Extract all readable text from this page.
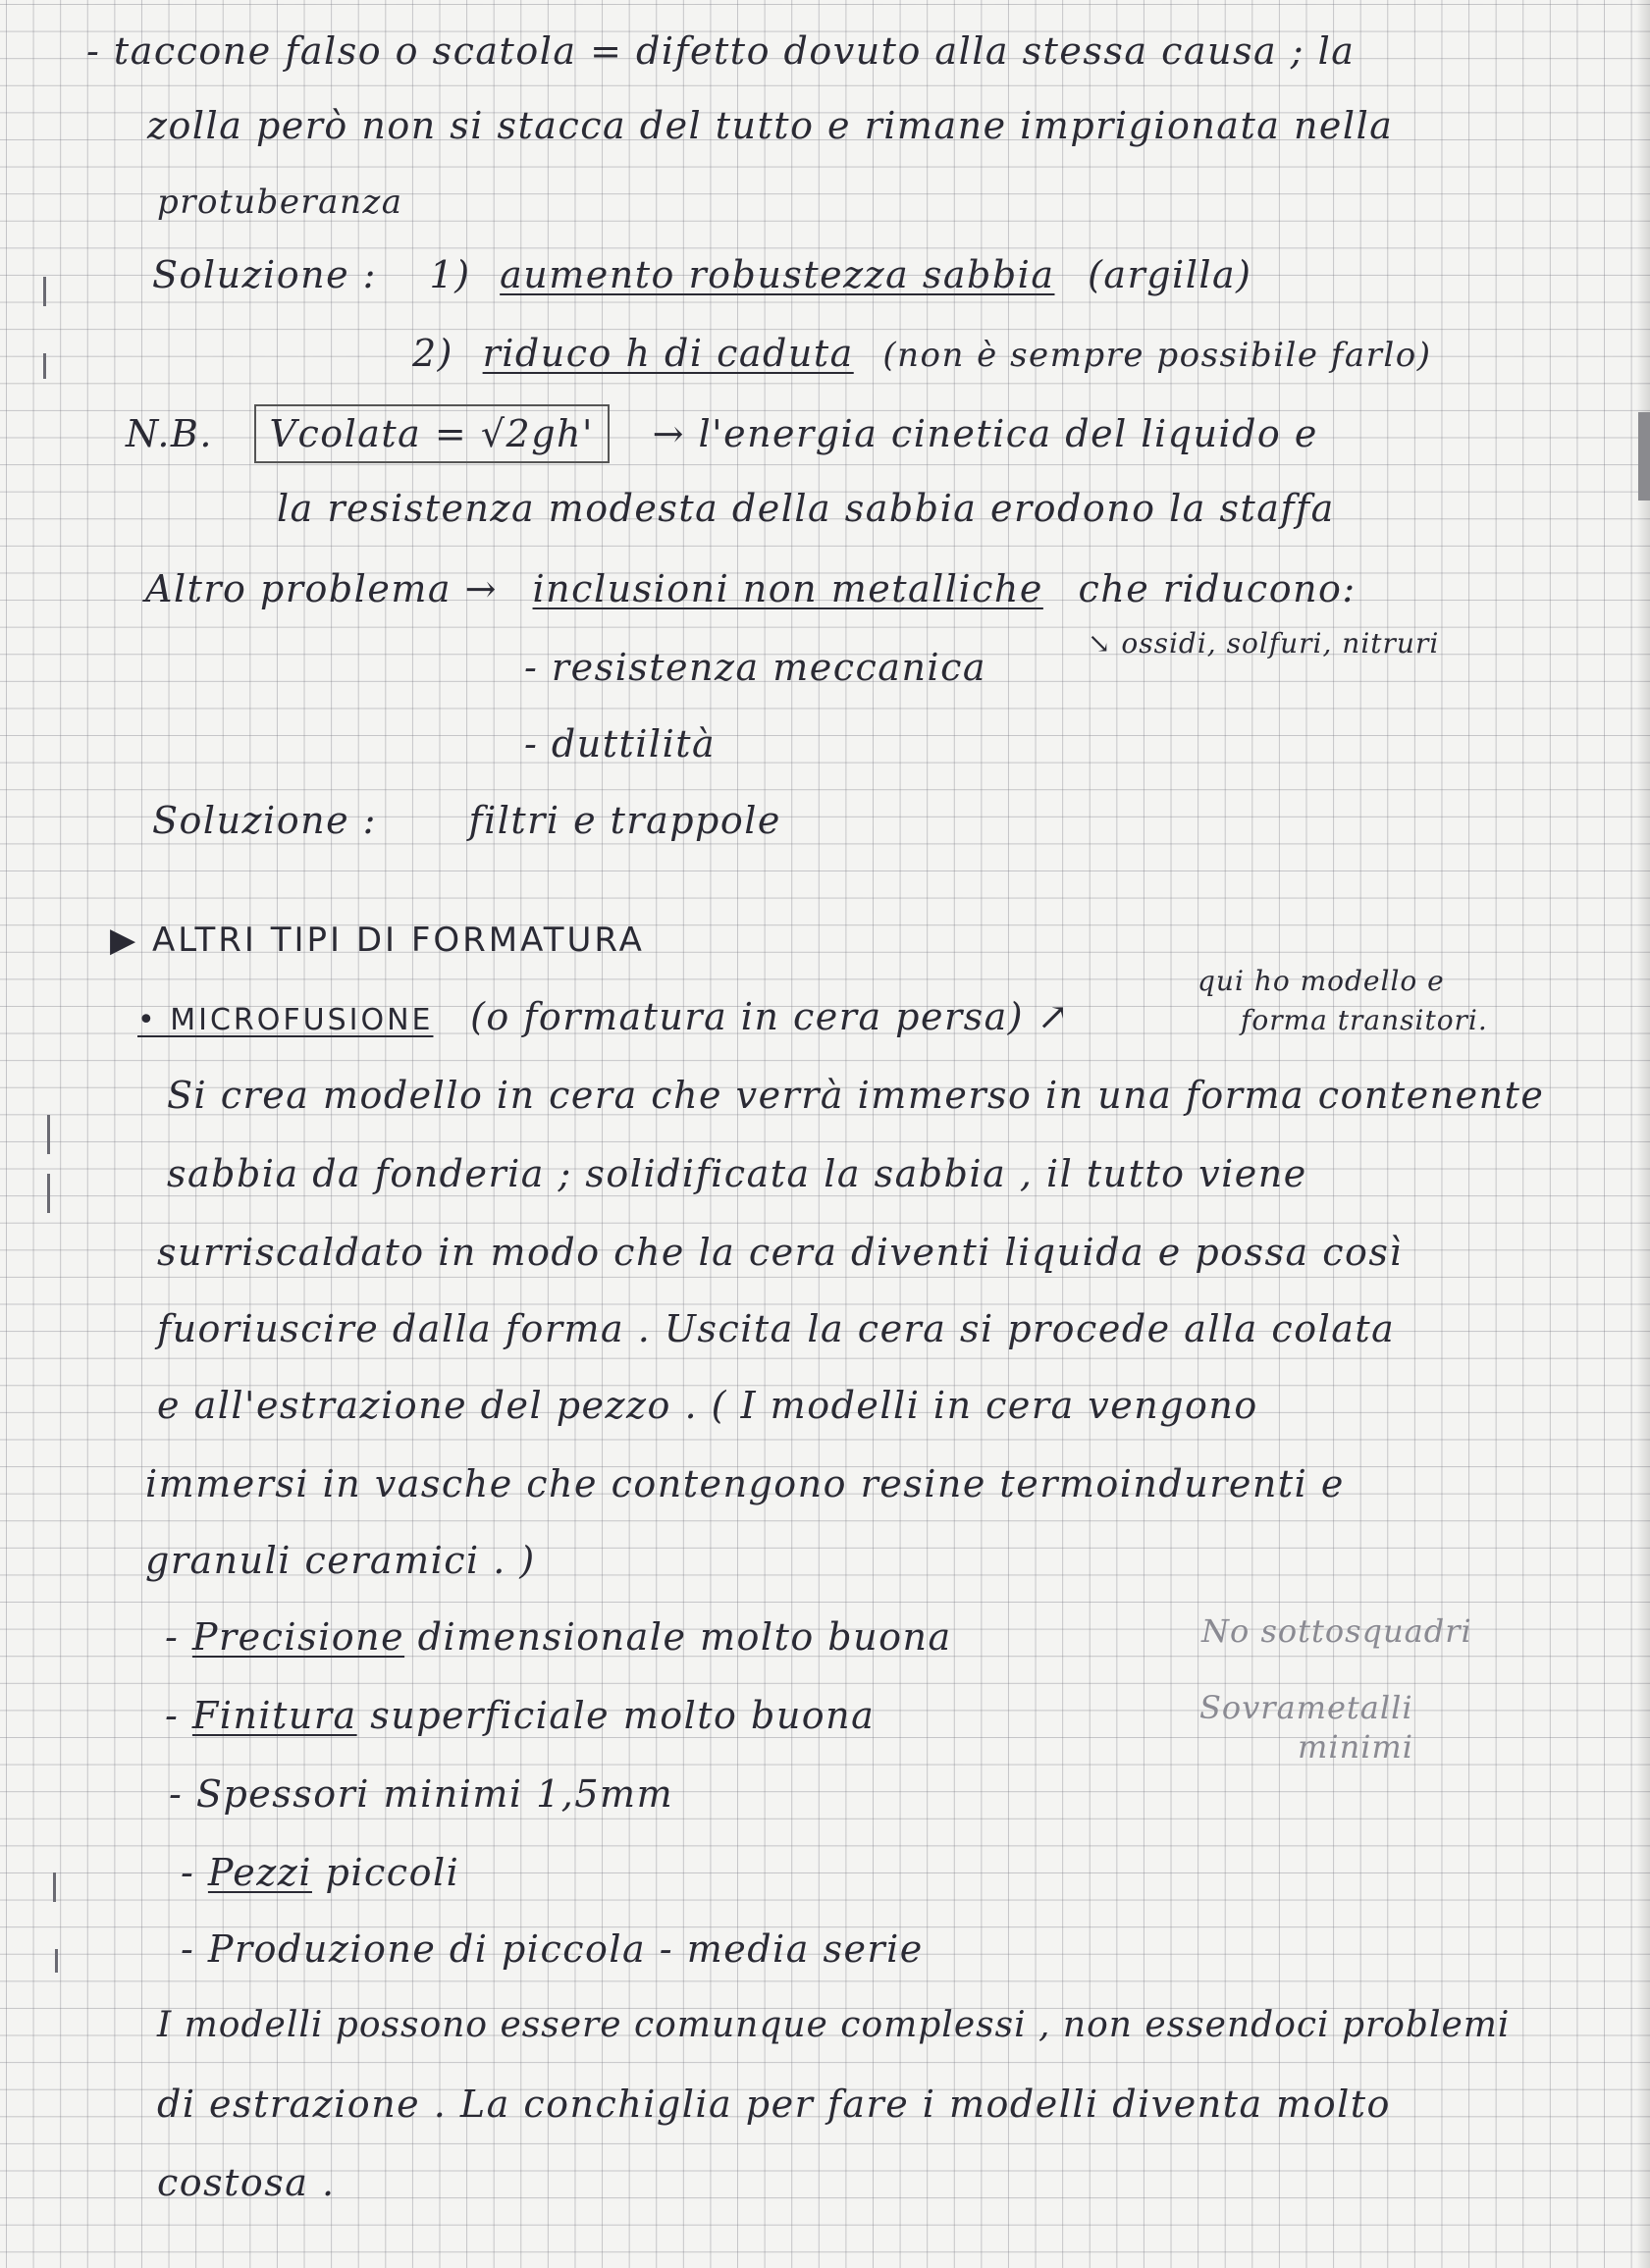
- taccone falso o scatola = difetto dovuto alla stessa causa ; la
zolla però non si stacca del tutto e rimane imprigionata nella
protuberanza
Soluzione : 1) aumento robustezza sabbia (argilla)
2) riduco h di caduta (non è sempre possibile farlo)
N.B. Vcolata = √2gh' → l'energia cinetica del liquido e
la resistenza modesta della sabbia erodono la staffa
Altro problema → inclusioni non metalliche che riducono:
↘ ossidi, solfuri, nitruri
- resistenza meccanica
- duttilità
Soluzione : filtri e trappole
▶ ALTRI TIPI DI FORMATURA
• MICROFUSIONE (o formatura in cera persa) ↗
qui ho modello e
forma transitori.
Si crea modello in cera che verrà immerso in una forma contenente
sabbia da fonderia ; solidificata la sabbia , il tutto viene
surriscaldato in modo che la cera diventi liquida e possa così
fuoriuscire dalla forma . Uscita la cera si procede alla colata
e all'estrazione del pezzo . ( I modelli in cera vengono
immersi in vasche che contengono resine termoindurenti e
granuli ceramici . )
- Precisione dimensionale molto buona	No sottosquadri
- Finitura superficiale molto buona	Sovrametalli
minimi
- Spessori minimi 1,5mm
- Pezzi piccoli
- Produzione di piccola - media serie
I modelli possono essere comunque complessi , non essendoci problemi
di estrazione . La conchiglia per fare i modelli diventa molto
costosa .
